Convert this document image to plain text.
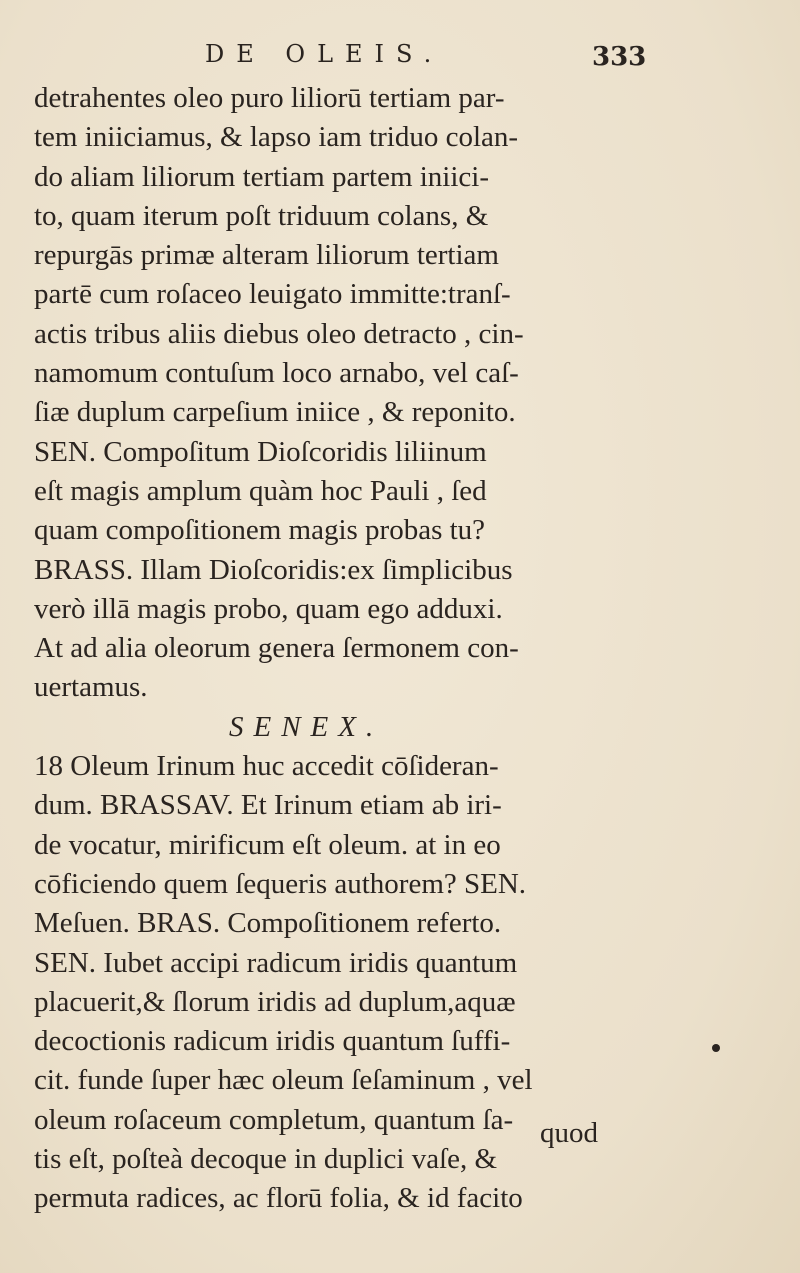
DE OLEIS.	333
detrahentes oleo puro liliorū tertiam par-
tem iniiciamus, & lapso iam triduo colan-
do aliam liliorum tertiam partem iniici-
to, quam iterum poſt triduum colans, &
repurgās primæ alteram liliorum tertiam
partē cum roſaceo leuigato immitte:tranſ-
actis tribus aliis diebus oleo detracto , cin-
namomum contuſum loco arnabo, vel caſ-
ſiæ duplum carpeſium iniice , & reponito.
SEN. Compoſitum Dioſcoridis liliinum
eſt magis amplum quàm hoc Pauli , ſed
quam compoſitionem magis probas tu?
BRASS. Illam Dioſcoridis:ex ſimplicibus
verò illā magis probo, quam ego adduxi.
At ad alia oleorum genera ſermonem con-
uertamus.
SENEX.
18 Oleum Irinum huc accedit cōſideran-
dum. BRASSAV. Et Irinum etiam ab iri-
de vocatur, mirificum eſt oleum. at in eo
cōficiendo quem ſequeris authorem? SEN.
Meſuen. BRAS. Compoſitionem referto.
SEN. Iubet accipi radicum iridis quantum
placuerit,& ſlorum iridis ad duplum,aquæ
decoctionis radicum iridis quantum ſuffi-
cit. funde ſuper hæc oleum ſeſaminum , vel
oleum roſaceum completum, quantum ſa-
tis eſt, poſteà decoque in duplici vaſe, &
permuta radices, ac florū folia, & id facito
quod
